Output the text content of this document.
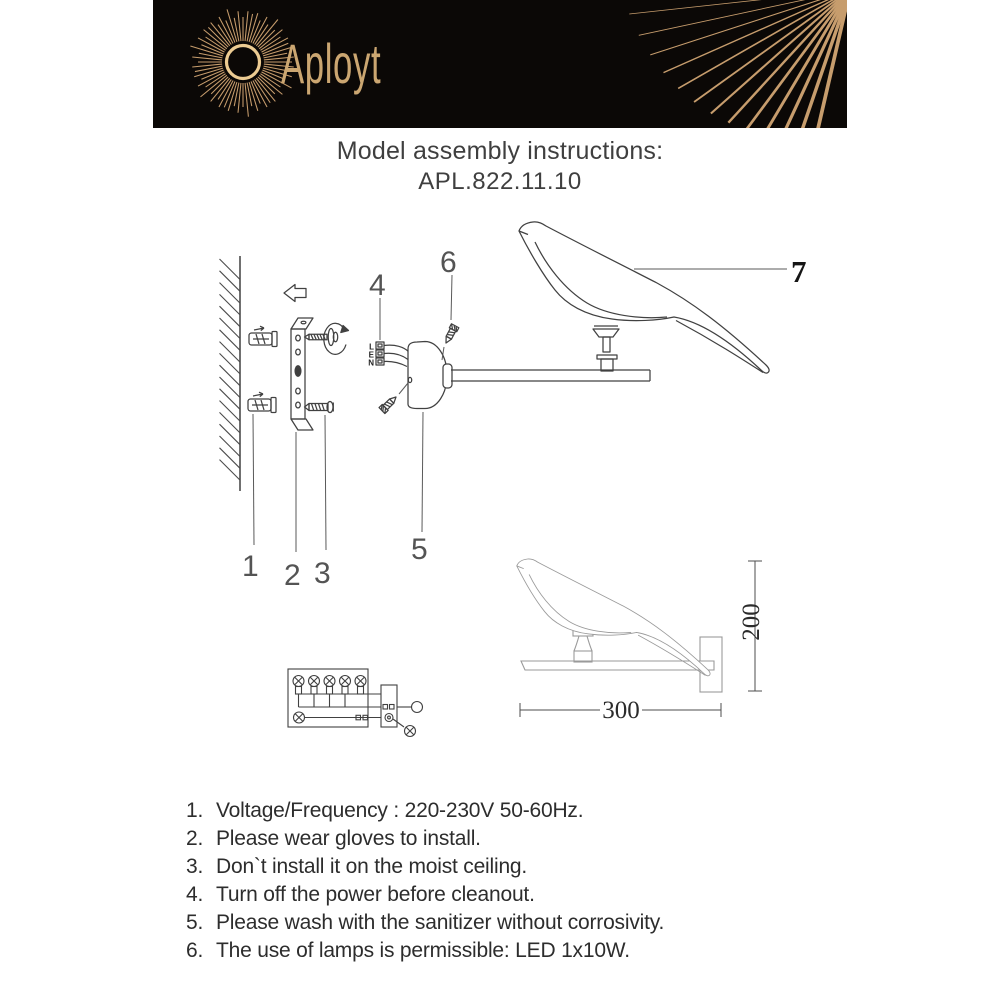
Aployt
Model assembly instructions:
APL.822.11.10
L
E
N
1 2 3
4
5
6	7
300
200
1. Voltage/Frequency : 220-230V 50-60Hz.
2. Please wear gloves to install.
3. Don`t install it on the moist ceiling.
4. Turn off the power before cleanout.
5. Please wash with the sanitizer without corrosivity.
6. The use of lamps is permissible: LED 1x10W.
